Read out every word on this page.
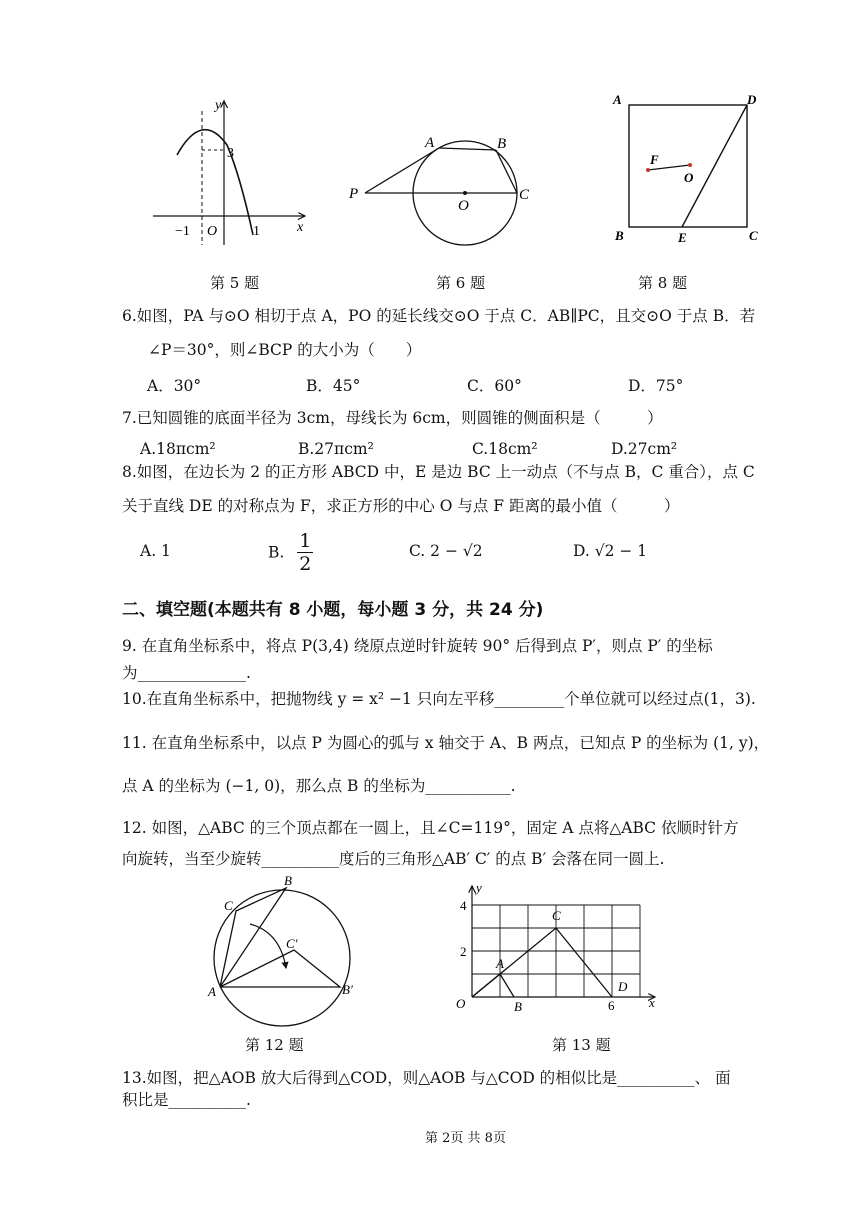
y
x
3
−1 O	1
第 5 题
A	B
P
O
C
第 6 题
A	D
F
O
B	E	C
第 8 题
6.如图，PA 与⊙O 相切于点 A，PO 的延长线交⊙O 于点 C．AB∥PC，且交⊙O 于点 B．若
∠P＝30°，则∠BCP 的大小为（　　）
A．30°	B．45°	C．60°	D．75°
7.已知圆锥的底面半径为 3cm，母线长为 6cm，则圆锥的侧面积是（　　　）
A.18πcm²	B.27πcm²	C.18cm²	D.27cm²
8.如图，在边长为 2 的正方形 ABCD 中，E 是边 BC 上一动点（不与点 B，C 重合），点 C
关于直线 DE 的对称点为 F，求正方形的中心 O 与点 F 距离的最小值（　　　）
A. 1	B. $\frac{1}{2}$	C. 2 − √2	D. √2 − 1
二、填空题(本题共有 8 小题，每小题 3 分，共 24 分)
9. 在直角坐标系中，将点 P(3,4) 绕原点逆时针旋转 90° 后得到点 P′，则点 P′ 的坐标
为______________.
10.在直角坐标系中，把抛物线 y = x² −1 只向左平移_________个单位就可以经过点(1，3).
11. 在直角坐标系中，以点 P 为圆心的弧与 x 轴交于 A、B 两点，已知点 P 的坐标为 (1, y)，
点 A 的坐标为 (−1, 0)，那么点 B 的坐标为___________.
12. 如图，△ABC 的三个顶点都在一圆上，且∠C=119°，固定 A 点将△ABC 依顺时针方
向旋转，当至少旋转__________度后的三角形△AB′ C′ 的点 B′ 会落在同一圆上.
B
C
C′
A	B′
第 12 题
y
4
2
A
C
O	B	6
D
x
第 13 题
13.如图，把△AOB 放大后得到△COD，则△AOB 与△COD 的相似比是__________、 面
积比是__________.
第 2页 共 8页
